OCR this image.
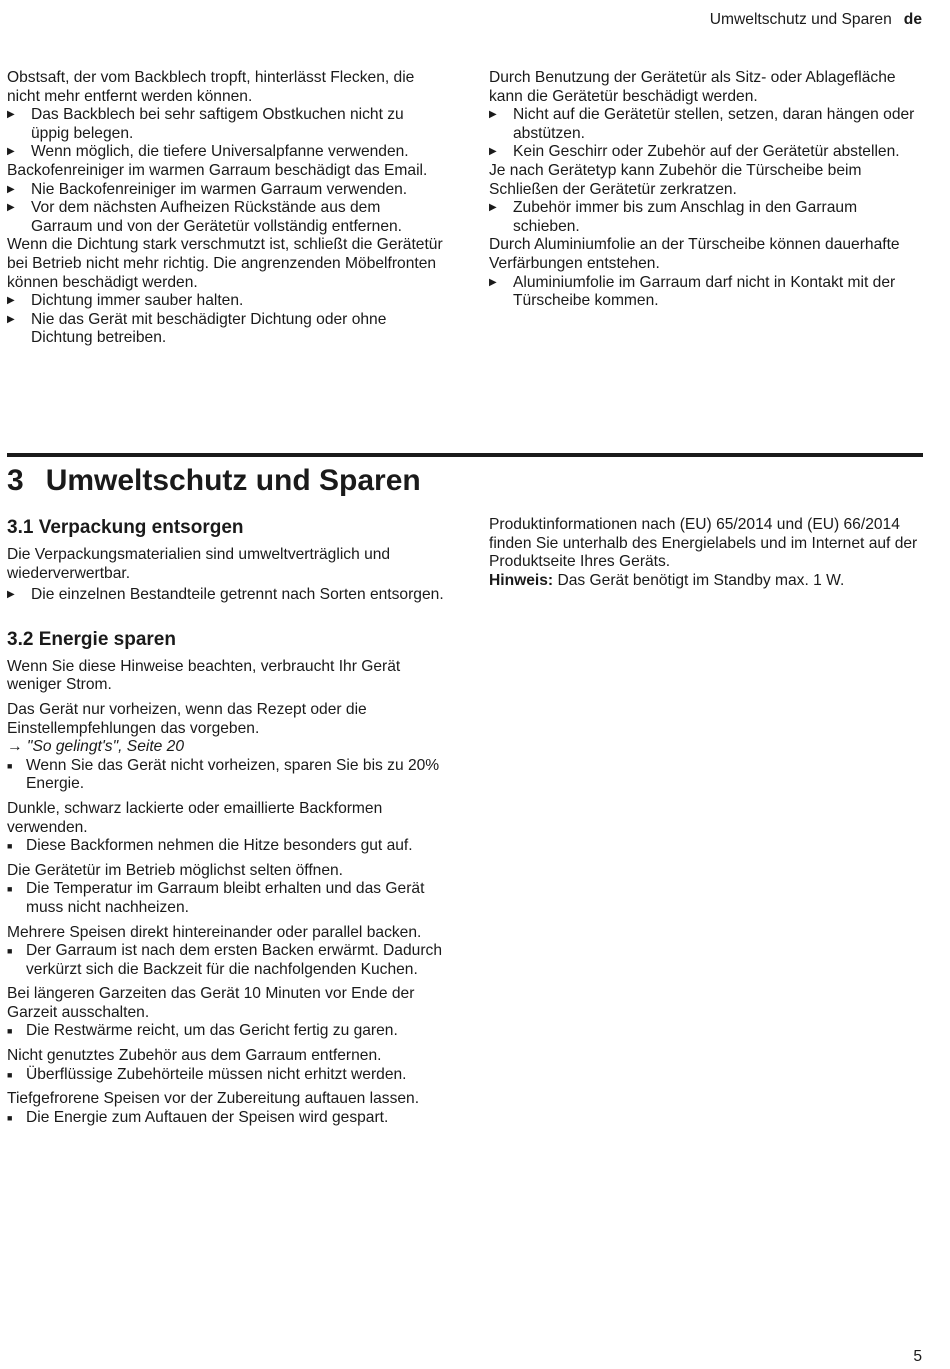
Umweltschutz und Sparen de

Obstsaft, der vom Backblech tropft, hinterlässt Flecken, die nicht mehr entfernt werden können.

▶	Das Backblech bei sehr saftigem Obstkuchen nicht zu üppig belegen.
▶	Wenn möglich, die tiefere Universalpfanne verwenden.

Backofenreiniger im warmen Garraum beschädigt das Email.

▶	Nie Backofenreiniger im warmen Garraum verwenden.
▶	Vor dem nächsten Aufheizen Rückstände aus dem Garraum und von der Gerätetür vollständig entfernen.

Wenn die Dichtung stark verschmutzt ist, schließt die Gerätetür bei Betrieb nicht mehr richtig. Die angrenzenden Möbelfronten können beschädigt werden.

▶	Dichtung immer sauber halten.
▶	Nie das Gerät mit beschädigter Dichtung oder ohne Dichtung betreiben.

Durch Benutzung der Gerätetür als Sitz- oder Ablagefläche kann die Gerätetür beschädigt werden.

▶	Nicht auf die Gerätetür stellen, setzen, daran hängen oder abstützen.
▶	Kein Geschirr oder Zubehör auf der Gerätetür abstellen.

Je nach Gerätetyp kann Zubehör die Türscheibe beim Schließen der Gerätetür zerkratzen.

▶	Zubehör immer bis zum Anschlag in den Garraum schieben.

Durch Aluminiumfolie an der Türscheibe können dauerhafte Verfärbungen entstehen.

▶	Aluminiumfolie im Garraum darf nicht in Kontakt mit der Türscheibe kommen.
3 Umweltschutz und Sparen
3.1 Verpackung entsorgen

Die Verpackungsmaterialien sind umweltverträglich und wiederverwertbar.

▶	Die einzelnen Bestandteile getrennt nach Sorten entsorgen.
3.2 Energie sparen

Wenn Sie diese Hinweise beachten, verbraucht Ihr Gerät weniger Strom.

Das Gerät nur vorheizen, wenn das Rezept oder die Einstellempfehlungen das vorgeben.

→ "So gelingt's", Seite 20

■ Wenn Sie das Gerät nicht vorheizen, sparen Sie bis zu 20% Energie.

Dunkle, schwarz lackierte oder emaillierte Backformen verwenden.

■ Diese Backformen nehmen die Hitze besonders gut auf.

Die Gerätetür im Betrieb möglichst selten öffnen.

■ Die Temperatur im Garraum bleibt erhalten und das Gerät muss nicht nachheizen.

Mehrere Speisen direkt hintereinander oder parallel backen.

■ Der Garraum ist nach dem ersten Backen erwärmt. Dadurch verkürzt sich die Backzeit für die nachfolgenden Kuchen.

Bei längeren Garzeiten das Gerät 10 Minuten vor Ende der Garzeit ausschalten.

■ Die Restwärme reicht, um das Gericht fertig zu garen.

Nicht genutztes Zubehör aus dem Garraum entfernen.

■ Überflüssige Zubehörteile müssen nicht erhitzt werden.

Tiefgefrorene Speisen vor der Zubereitung auftauen lassen.

■ Die Energie zum Auftauen der Speisen wird gespart.

Produktinformationen nach (EU) 65/2014 und (EU) 66/2014 finden Sie unterhalb des Energielabels und im Internet auf der Produktseite Ihres Geräts.

Hinweis: Das Gerät benötigt im Standby max. 1 W.

5
